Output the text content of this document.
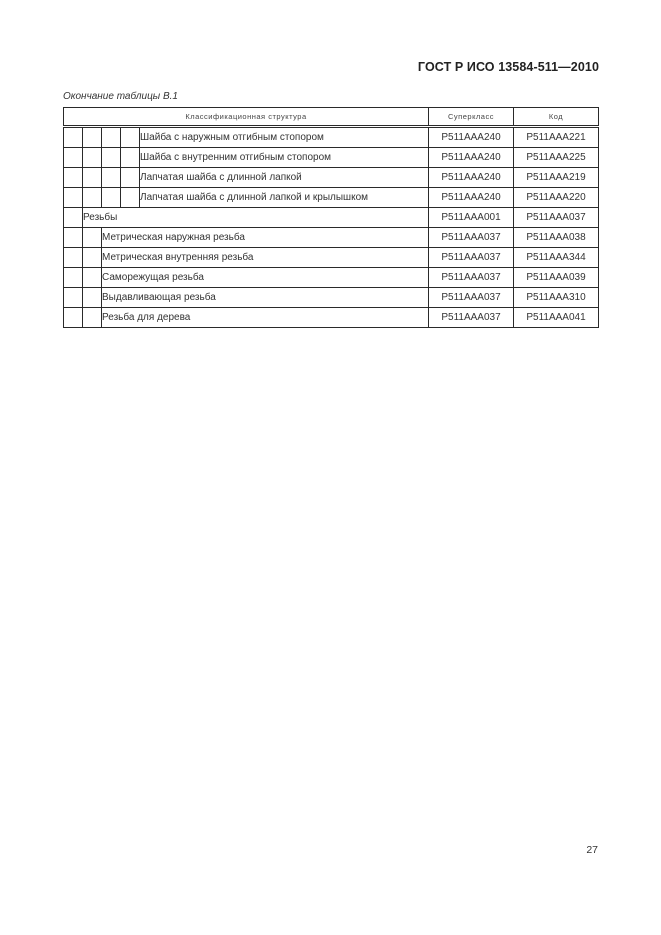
ГОСТ Р ИСО 13584-511—2010
Окончание таблицы В.1
Классификационная структура					Суперкласс	Код
				Шайба с наружным отгибным стопором	P511AAA240	P511AAA221
				Шайба с внутренним отгибным стопором	P511AAA240	P511AAA225
				Лапчатая шайба с длинной лапкой	P511AAA240	P511AAA219
				Лапчатая шайба с длинной лапкой и крылышком	P511AAA240	P511AAA220
	Резьбы				P511AAA001	P511AAA037
		Метрическая наружная резьба			P511AAA037	P511AAA038
		Метрическая внутренняя резьба			P511AAA037	P511AAA344
		Саморежущая резьба			P511AAA037	P511AAA039
		Выдавливающая резьба			P511AAA037	P511AAA310
		Резьба для дерева			P511AAA037	P511AAA041
27
